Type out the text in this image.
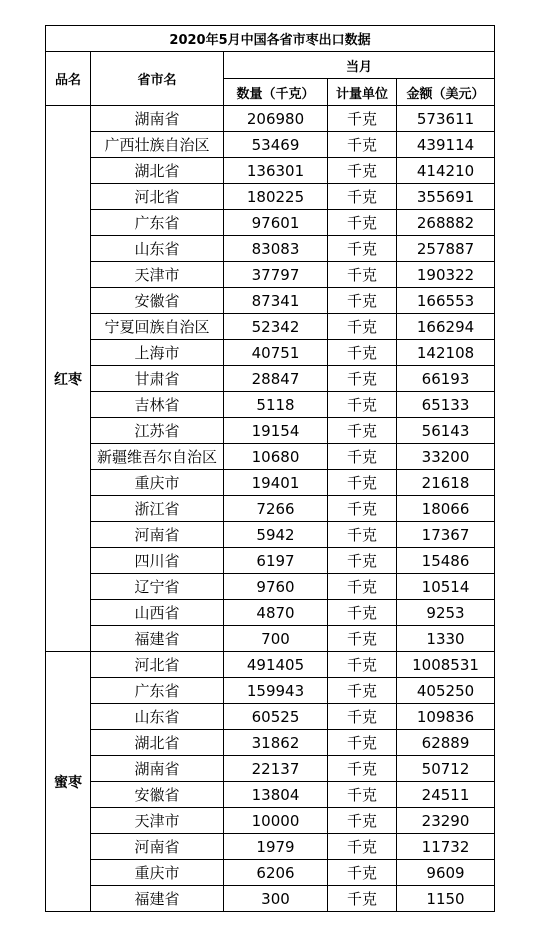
2020年5月中国各省市枣出口数据				
品名	省市名	当月		
		数量（千克）	计量单位	金额（美元）
红枣	湖南省	206980	千克	573611
	广西壮族自治区	53469	千克	439114
	湖北省	136301	千克	414210
	河北省	180225	千克	355691
	广东省	97601	千克	268882
	山东省	83083	千克	257887
	天津市	37797	千克	190322
	安徽省	87341	千克	166553
	宁夏回族自治区	52342	千克	166294
	上海市	40751	千克	142108
	甘肃省	28847	千克	66193
	吉林省	5118	千克	65133
	江苏省	19154	千克	56143
	新疆维吾尔自治区	10680	千克	33200
	重庆市	19401	千克	21618
	浙江省	7266	千克	18066
	河南省	5942	千克	17367
	四川省	6197	千克	15486
	辽宁省	9760	千克	10514
	山西省	4870	千克	9253
	福建省	700	千克	1330
蜜枣	河北省	491405	千克	1008531
	广东省	159943	千克	405250
	山东省	60525	千克	109836
	湖北省	31862	千克	62889
	湖南省	22137	千克	50712
	安徽省	13804	千克	24511
	天津市	10000	千克	23290
	河南省	1979	千克	11732
	重庆市	6206	千克	9609
	福建省	300	千克	1150
